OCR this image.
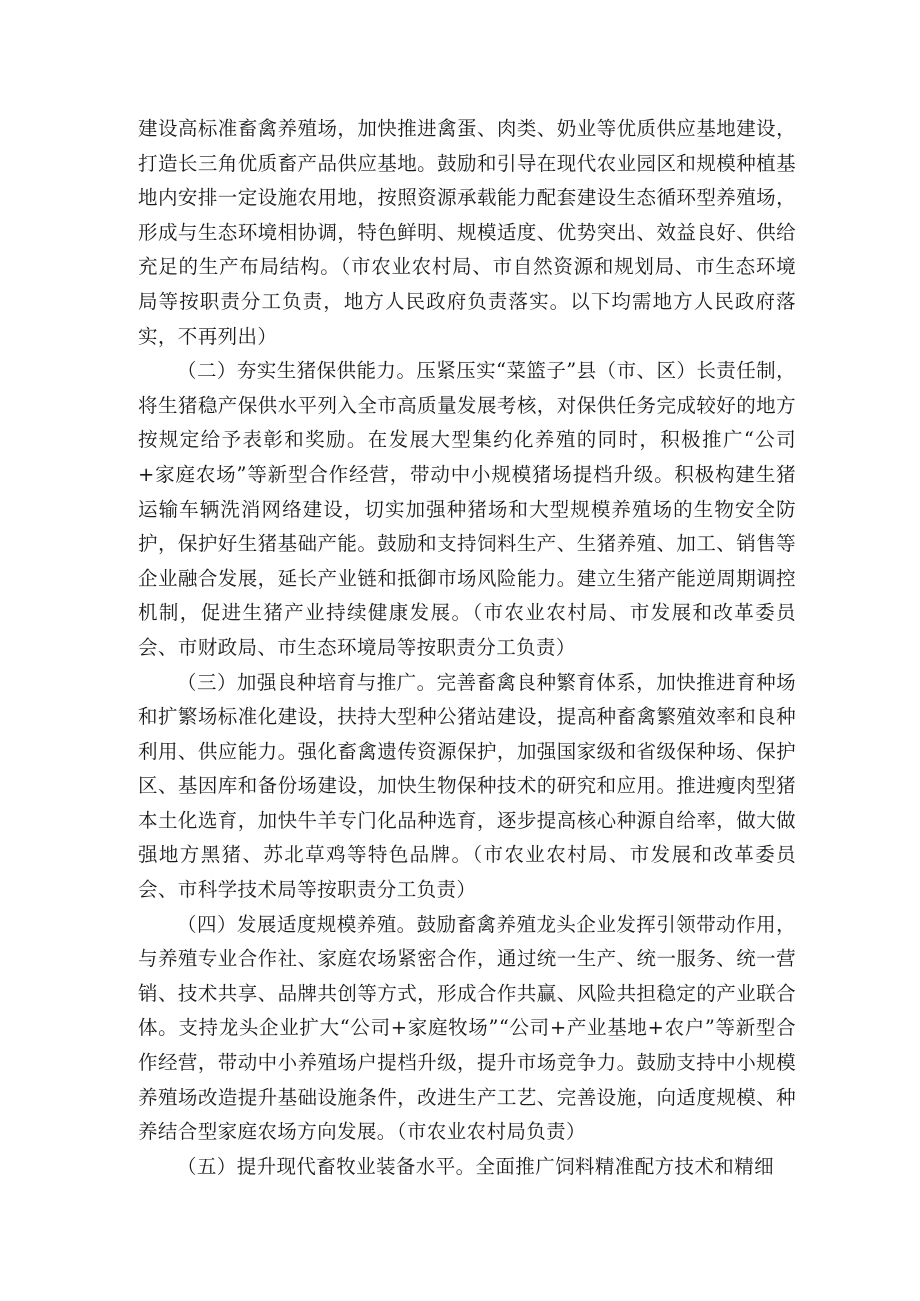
建设高标准畜禽养殖场，加快推进禽蛋、肉类、奶业等优质供应基地建设，打造长三角优质畜产品供应基地。鼓励和引导在现代农业园区和规模种植基地内安排一定设施农用地，按照资源承载能力配套建设生态循环型养殖场，形成与生态环境相协调，特色鲜明、规模适度、优势突出、效益良好、供给充足的生产布局结构。（市农业农村局、市自然资源和规划局、市生态环境局等按职责分工负责，地方人民政府负责落实。以下均需地方人民政府落实，不再列出）

（二）夯实生猪保供能力。压紧压实“菜篮子”县（市、区）长责任制，将生猪稳产保供水平列入全市高质量发展考核，对保供任务完成较好的地方按规定给予表彰和奖励。在发展大型集约化养殖的同时，积极推广“公司+家庭农场”等新型合作经营，带动中小规模猪场提档升级。积极构建生猪运输车辆洗消网络建设，切实加强种猪场和大型规模养殖场的生物安全防护，保护好生猪基础产能。鼓励和支持饲料生产、生猪养殖、加工、销售等企业融合发展，延长产业链和抵御市场风险能力。建立生猪产能逆周期调控机制，促进生猪产业持续健康发展。（市农业农村局、市发展和改革委员会、市财政局、市生态环境局等按职责分工负责）

（三）加强良种培育与推广。完善畜禽良种繁育体系，加快推进育种场和扩繁场标准化建设，扶持大型种公猪站建设，提高种畜禽繁殖效率和良种利用、供应能力。强化畜禽遗传资源保护，加强国家级和省级保种场、保护区、基因库和备份场建设，加快生物保种技术的研究和应用。推进瘦肉型猪本土化选育，加快牛羊专门化品种选育，逐步提高核心种源自给率，做大做强地方黑猪、苏北草鸡等特色品牌。（市农业农村局、市发展和改革委员会、市科学技术局等按职责分工负责）

（四）发展适度规模养殖。鼓励畜禽养殖龙头企业发挥引领带动作用，与养殖专业合作社、家庭农场紧密合作，通过统一生产、统一服务、统一营销、技术共享、品牌共创等方式，形成合作共赢、风险共担稳定的产业联合体。支持龙头企业扩大“公司+家庭牧场”“公司+产业基地+农户”等新型合作经营，带动中小养殖场户提档升级，提升市场竞争力。鼓励支持中小规模养殖场改造提升基础设施条件，改进生产工艺、完善设施，向适度规模、种养结合型家庭农场方向发展。（市农业农村局负责）

（五）提升现代畜牧业装备水平。全面推广饲料精准配方技术和精细
